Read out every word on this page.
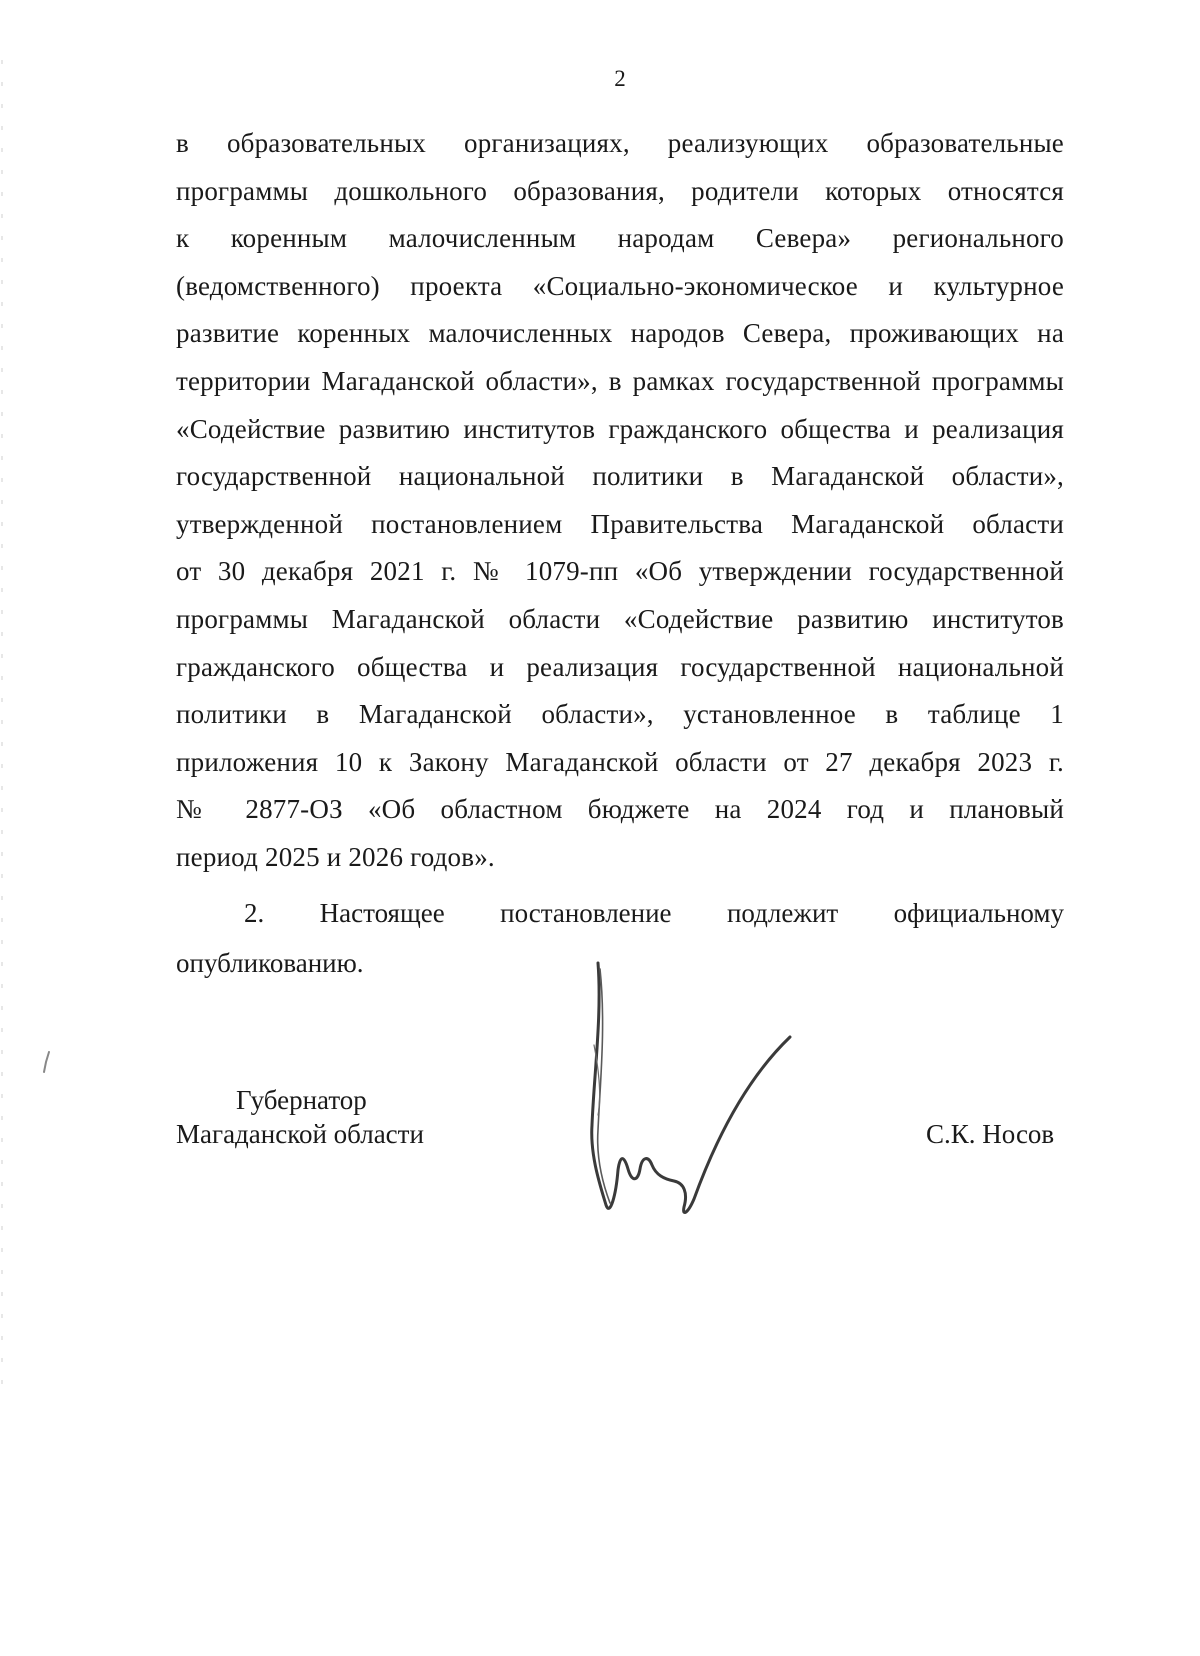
2
в образовательных организациях, реализующих образовательные
программы дошкольного образования, родители которых относятся
к коренным малочисленным народам Севера» регионального
(ведомственного) проекта «Социально-экономическое и культурное
развитие коренных малочисленных народов Севера, проживающих на
территории Магаданской области», в рамках государственной программы
«Содействие развитию институтов гражданского общества и реализация
государственной национальной политики в Магаданской области»,
утвержденной постановлением Правительства Магаданской области
от 30 декабря 2021 г. № 1079-пп «Об утверждении государственной
программы Магаданской области «Содействие развитию институтов
гражданского общества и реализация государственной национальной
политики в Магаданской области», установленное в таблице 1
приложения 10 к Закону Магаданской области от 27 декабря 2023 г.
№ 2877-ОЗ «Об областном бюджете на 2024 год и плановый
период 2025 и 2026 годов».
2. Настоящее постановление подлежит официальному
опубликованию.
Губернатор
Магаданской области	С.К. Носов
